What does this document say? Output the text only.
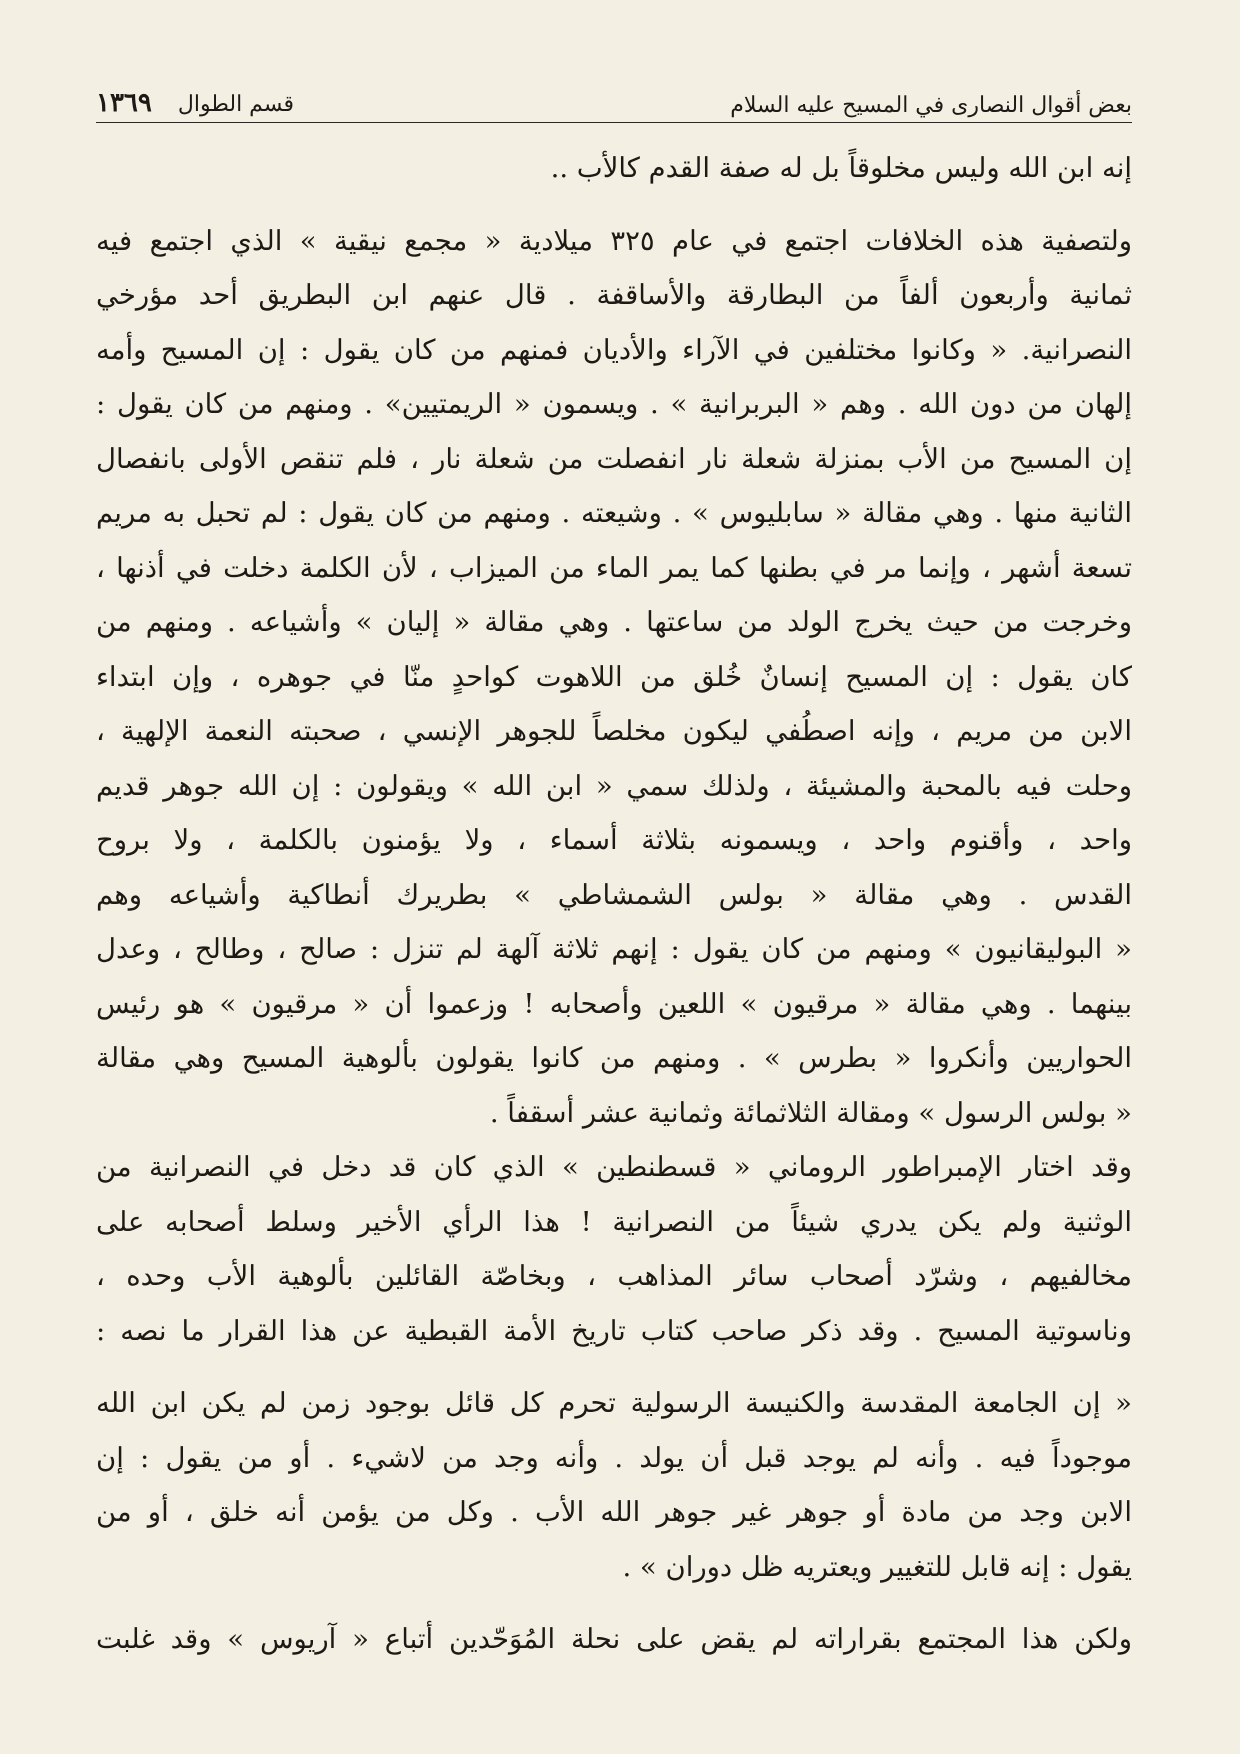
بعض أقوال النصارى في المسيح عليه السلام
قسم الطوال
١٣٦٩
إنه ابن الله وليس مخلوقاً بل له صفة القدم كالأب ..
ولتصفية هذه الخلافات اجتمع في عام ٣٢٥ ميلادية « مجمع نيقية » الذي اجتمع فيه
ثمانية وأربعون ألفاً من البطارقة والأساقفة . قال عنهم ابن البطريق أحد مؤرخي
النصرانية. « وكانوا مختلفين في الآراء والأديان فمنهم من كان يقول : إن المسيح وأمه
إلهان من دون الله . وهم « البربرانية » . ويسمون « الريمتيين» . ومنهم من كان يقول :
إن المسيح من الأب بمنزلة شعلة نار انفصلت من شعلة نار ، فلم تنقص الأولى بانفصال
الثانية منها . وهي مقالة « سابليوس » . وشيعته . ومنهم من كان يقول : لم تحبل به مريم
تسعة أشهر ، وإنما مر في بطنها كما يمر الماء من الميزاب ، لأن الكلمة دخلت في أذنها ،
وخرجت من حيث يخرج الولد من ساعتها . وهي مقالة « إليان » وأشياعه . ومنهم من
كان يقول : إن المسيح إنسانٌ خُلق من اللاهوت كواحدٍ منّا في جوهره ، وإن ابتداء
الابن من مريم ، وإنه اصطُفي ليكون مخلصاً للجوهر الإنسي ، صحبته النعمة الإلهية ،
وحلت فيه بالمحبة والمشيئة ، ولذلك سمي « ابن الله » ويقولون : إن الله جوهر قديم
واحد ، وأقنوم واحد ، ويسمونه بثلاثة أسماء ، ولا يؤمنون بالكلمة ، ولا بروح
القدس . وهي مقالة « بولس الشمشاطي » بطريرك أنطاكية وأشياعه وهم
« البوليقانيون » ومنهم من كان يقول : إنهم ثلاثة آلهة لم تنزل : صالح ، وطالح ، وعدل
بينهما . وهي مقالة « مرقيون » اللعين وأصحابه ! وزعموا أن « مرقيون » هو رئيس
الحواريين وأنكروا « بطرس » . ومنهم من كانوا يقولون بألوهية المسيح وهي مقالة
« بولس الرسول » ومقالة الثلاثمائة وثمانية عشر أسقفاً .
وقد اختار الإمبراطور الروماني « قسطنطين » الذي كان قد دخل في النصرانية من
الوثنية ولم يكن يدري شيئاً من النصرانية ! هذا الرأي الأخير وسلط أصحابه على
مخالفيهم ، وشرّد أصحاب سائر المذاهب ، وبخاصّة القائلين بألوهية الأب وحده ،
وناسوتية المسيح . وقد ذكر صاحب كتاب تاريخ الأمة القبطية عن هذا القرار ما نصه :
« إن الجامعة المقدسة والكنيسة الرسولية تحرم كل قائل بوجود زمن لم يكن ابن الله
موجوداً فيه . وأنه لم يوجد قبل أن يولد . وأنه وجد من لاشيء . أو من يقول : إن
الابن وجد من مادة أو جوهر غير جوهر الله الأب . وكل من يؤمن أنه خلق ، أو من
يقول : إنه قابل للتغيير ويعتريه ظل دوران » .
ولكن هذا المجتمع بقراراته لم يقض على نحلة المُوَحّدين أتباع « آريوس » وقد غلبت
